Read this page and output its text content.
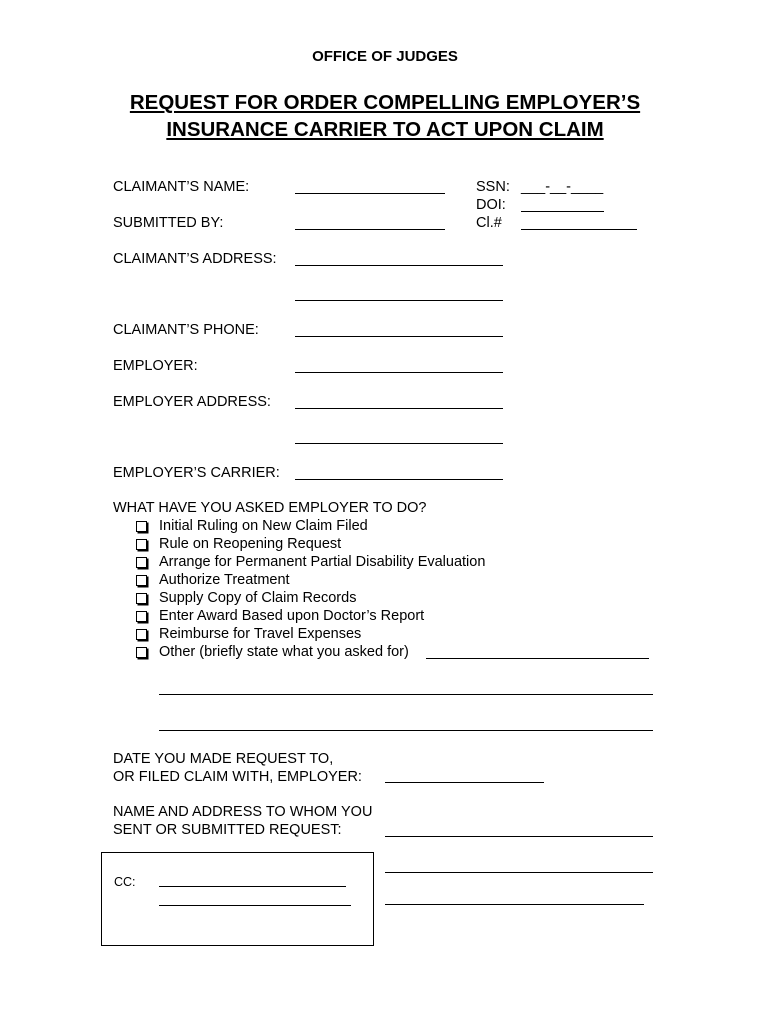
OFFICE OF JUDGES
REQUEST FOR ORDER COMPELLING EMPLOYER’S
INSURANCE CARRIER TO ACT UPON CLAIM
CLAIMANT’S NAME:	SSN: ___-__-____
DOI:
SUBMITTED BY:	Cl.#
CLAIMANT’S ADDRESS:
CLAIMANT’S PHONE:
EMPLOYER:
EMPLOYER ADDRESS:
EMPLOYER’S CARRIER:
WHAT HAVE YOU ASKED EMPLOYER TO DO?
Initial Ruling on New Claim Filed
Rule on Reopening Request
Arrange for Permanent Partial Disability Evaluation
Authorize Treatment
Supply Copy of Claim Records
Enter Award Based upon Doctor’s Report
Reimburse for Travel Expenses
Other (briefly state what you asked for)
DATE YOU MADE REQUEST TO,
OR FILED CLAIM WITH, EMPLOYER:
NAME AND ADDRESS TO WHOM YOU
SENT OR SUBMITTED REQUEST:
CC:
